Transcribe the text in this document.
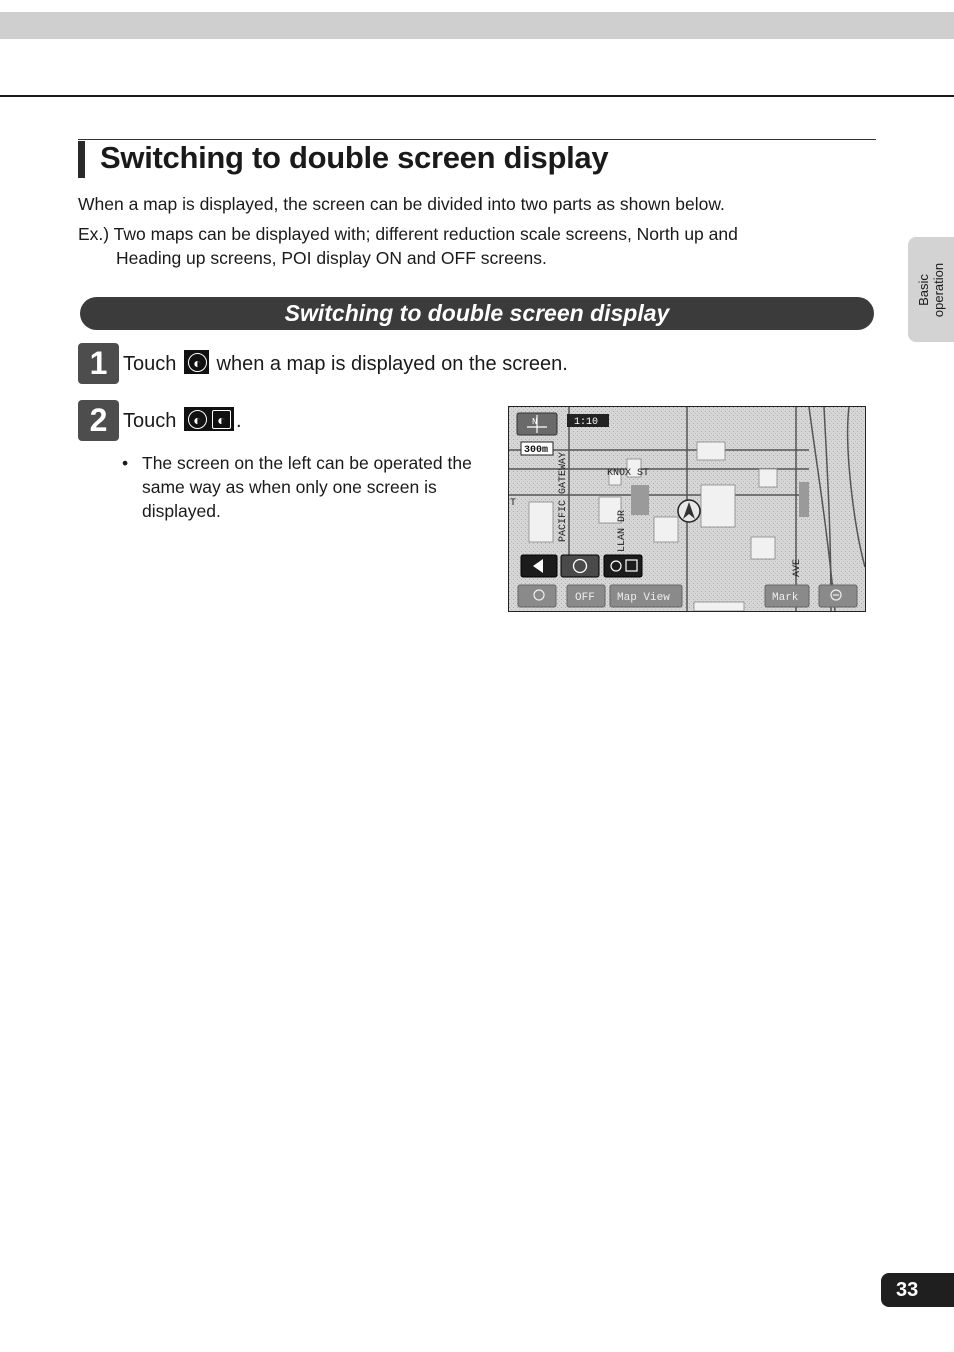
Switching to double screen display
When a map is displayed, the screen can be divided into two parts as shown below.
Ex.) Two maps can be displayed with; different reduction scale screens, North up and
Heading up screens, POI display ON and OFF screens.
Basic operation
Switching to double screen display
1 Touch	◐ when a map is displayed on the screen.
2 Touch	◐	◐ .
• The screen on the left can be operated the same way as when only one screen is displayed.
KNOX ST
PACIFIC GATEWAY	LLAN DR
AVE
T
N	1:10
300m
OFF Map View	Mark
33
